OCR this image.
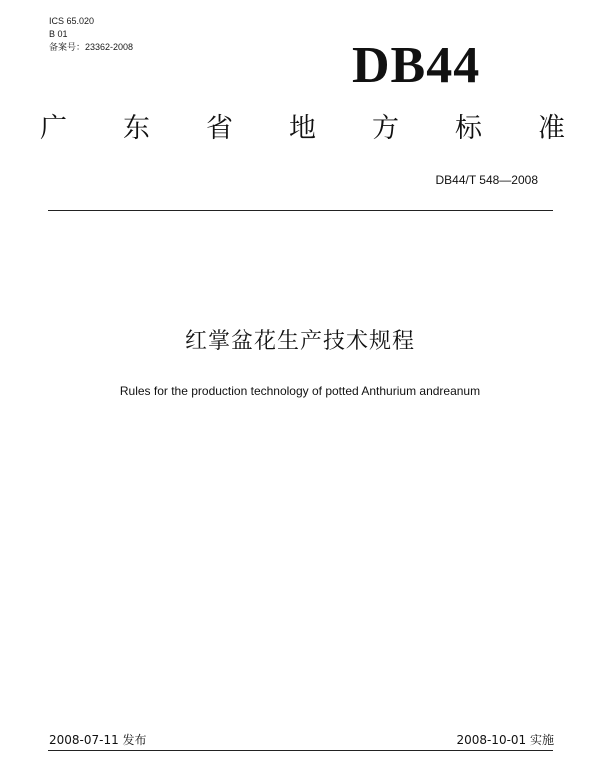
ICS 65.020
B 01
备案号：23362-2008	DB44
广 东 省 地 方 标 准
DB44/T 548—2008
红掌盆花生产技术规程
Rules for the production technology of potted Anthurium andreanum
2008-07-11 发布	2008-10-01 实施
